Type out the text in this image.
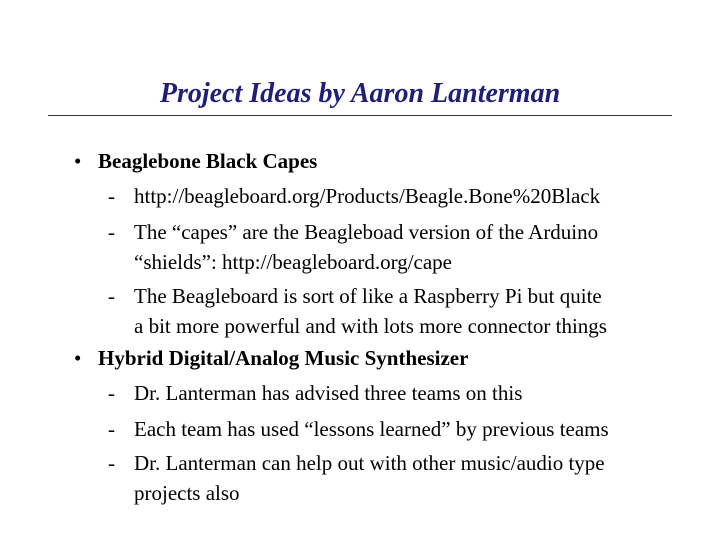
Project Ideas by Aaron Lanterman
• Beaglebone Black Capes
- http://beagleboard.org/Products/Beagle.Bone%20Black
- The “capes” are the Beagleboad version of the Arduino
“shields”: http://beagleboard.org/cape
- The Beagleboard is sort of like a Raspberry Pi but quite
a bit more powerful and with lots more connector things
• Hybrid Digital/Analog Music Synthesizer
- Dr. Lanterman has advised three teams on this
- Each team has used “lessons learned” by previous teams
- Dr. Lanterman can help out with other music/audio type
projects also
